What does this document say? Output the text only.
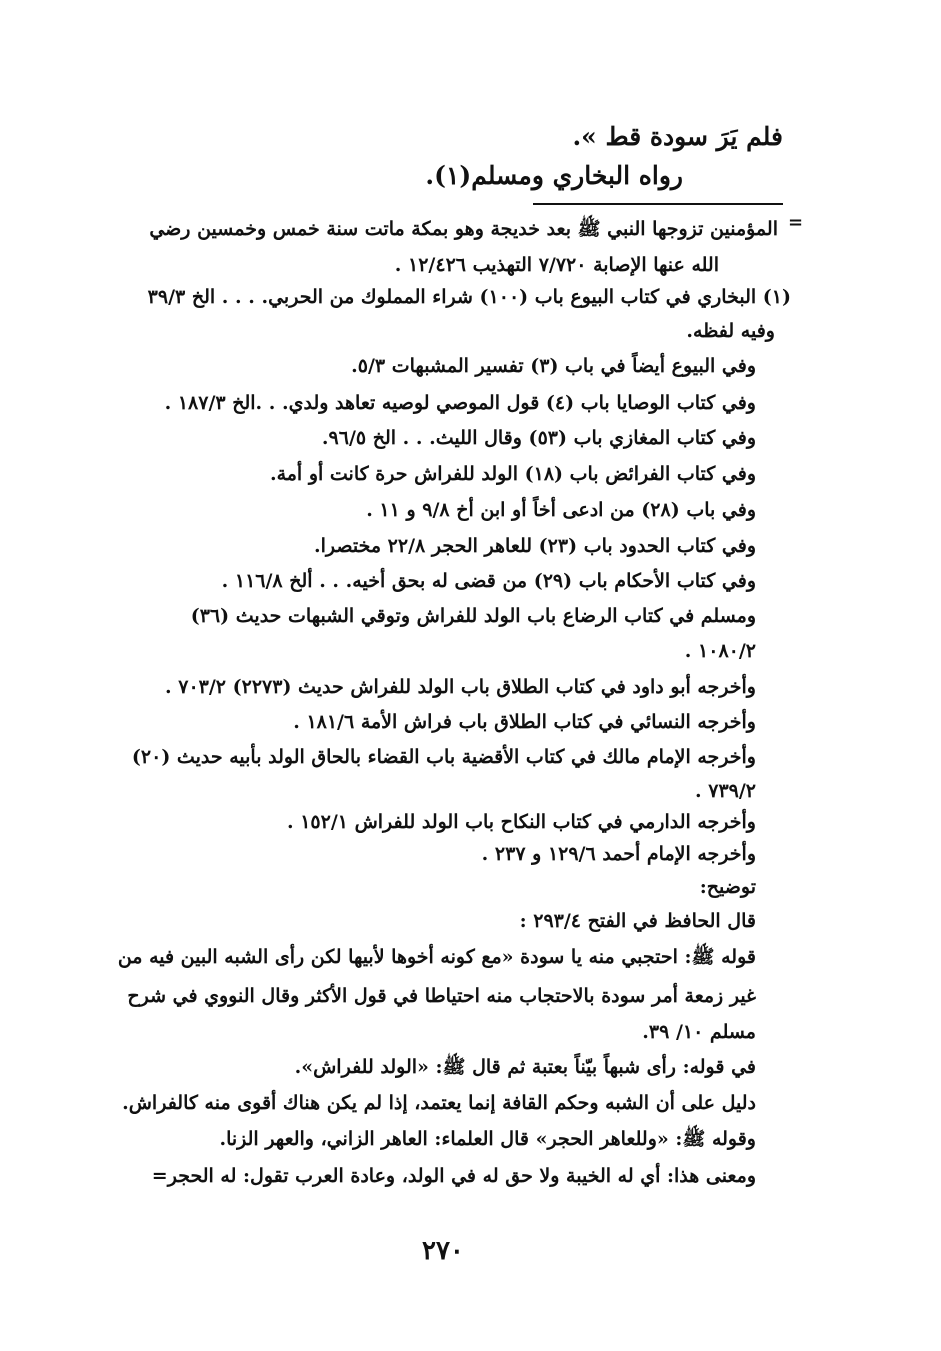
فلم يَرَ سودة قط ».
رواه البخاري ومسلم(١).
=
المؤمنين تزوجها النبي ﷺ بعد خديجة وهو بمكة ماتت سنة خمس وخمسين رضي
الله عنها الإصابة ٧/٧٢٠ التهذيب ١٢/٤٢٦ .
(١) البخاري في كتاب البيوع باب (١٠٠) شراء المملوك من الحربي. . . . الخ ٣٩/٣
وفيه لفظه.
وفي البيوع أيضاً في باب (٣) تفسير المشبهات ٥/٣.
وفي كتاب الوصايا باب (٤) قول الموصي لوصيه تعاهد ولدي. . .الخ ١٨٧/٣ .
وفي كتاب المغازي باب (٥٣) وقال الليث. . . الخ ٩٦/٥.
وفي كتاب الفرائض باب (١٨) الولد للفراش حرة كانت أو أمة.
وفي باب (٢٨) من ادعى أخاً أو ابن أخ ٩/٨ و ١١ .
وفي كتاب الحدود باب (٢٣) للعاهر الحجر ٢٢/٨ مختصرا.
وفي كتاب الأحكام باب (٢٩) من قضى له بحق أخيه. . . ألخ ١١٦/٨ .
ومسلم في كتاب الرضاع باب الولد للفراش وتوقي الشبهات حديث (٣٦)
١٠٨٠/٢ .
وأخرجه أبو داود في كتاب الطلاق باب الولد للفراش حديث (٢٢٧٣) ٧٠٣/٢ .
وأخرجه النسائي في كتاب الطلاق باب فراش الأمة ١٨١/٦ .
وأخرجه الإمام مالك في كتاب الأقضية باب القضاء بالحاق الولد بأبيه حديث (٢٠)
٧٣٩/٢ .
وأخرجه الدارمي في كتاب النكاح باب الولد للفراش ١٥٢/١ .
وأخرجه الإمام أحمد ١٢٩/٦ و ٢٣٧ .
توضيح:
قال الحافظ في الفتح ٢٩٣/٤ :
قوله ﷺ: احتجبي منه يا سودة «مع كونه أخوها لأبيها لكن رأى الشبه البين فيه من
غير زمعة أمر سودة بالاحتجاب منه احتياطا في قول الأكثر وقال النووي في شرح
مسلم ١٠/ ٣٩.
في قوله: رأى شبهاً بيّناً بعتبة ثم قال ﷺ: «الولد للفراش».
دليل على أن الشبه وحكم القافة إنما يعتمد، إذا لم يكن هناك أقوى منه كالفراش.
وقوله ﷺ: «وللعاهر الحجر» قال العلماء: العاهر الزاني، والعهر الزنا.
ومعنى هذا: أي له الخيبة ولا حق له في الولد، وعادة العرب تقول: له الحجر=
٢٧٠
